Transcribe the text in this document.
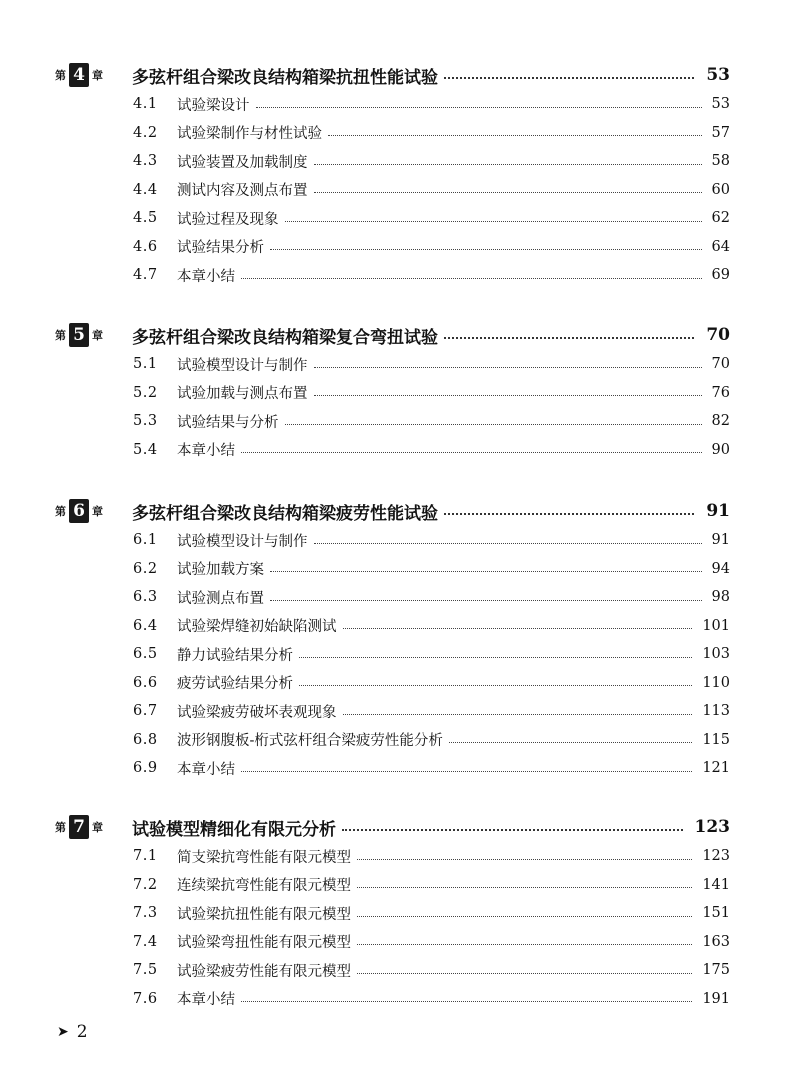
第 4 章 多弦杆组合梁改良结构箱梁抗扭性能试验	53
4.1	试验梁设计	53
4.2	试验梁制作与材性试验	57
4.3	试验装置及加载制度	58
4.4	测试内容及测点布置	60
4.5	试验过程及现象	62
4.6	试验结果分析	64
4.7	本章小结	69
第 5 章 多弦杆组合梁改良结构箱梁复合弯扭试验	70
5.1	试验模型设计与制作	70
5.2	试验加载与测点布置	76
5.3	试验结果与分析	82
5.4	本章小结	90
第 6 章 多弦杆组合梁改良结构箱梁疲劳性能试验	91
6.1	试验模型设计与制作	91
6.2	试验加载方案	94
6.3	试验测点布置	98
6.4	试验梁焊缝初始缺陷测试	101
6.5	静力试验结果分析	103
6.6	疲劳试验结果分析	110
6.7	试验梁疲劳破坏表观现象	113
6.8	波形钢腹板-桁式弦杆组合梁疲劳性能分析	115
6.9	本章小结	121
第 7 章 试验模型精细化有限元分析	123
7.1	简支梁抗弯性能有限元模型	123
7.2	连续梁抗弯性能有限元模型	141
7.3	试验梁抗扭性能有限元模型	151
7.4	试验梁弯扭性能有限元模型	163
7.5	试验梁疲劳性能有限元模型	175
7.6	本章小结	191
➤ 2
